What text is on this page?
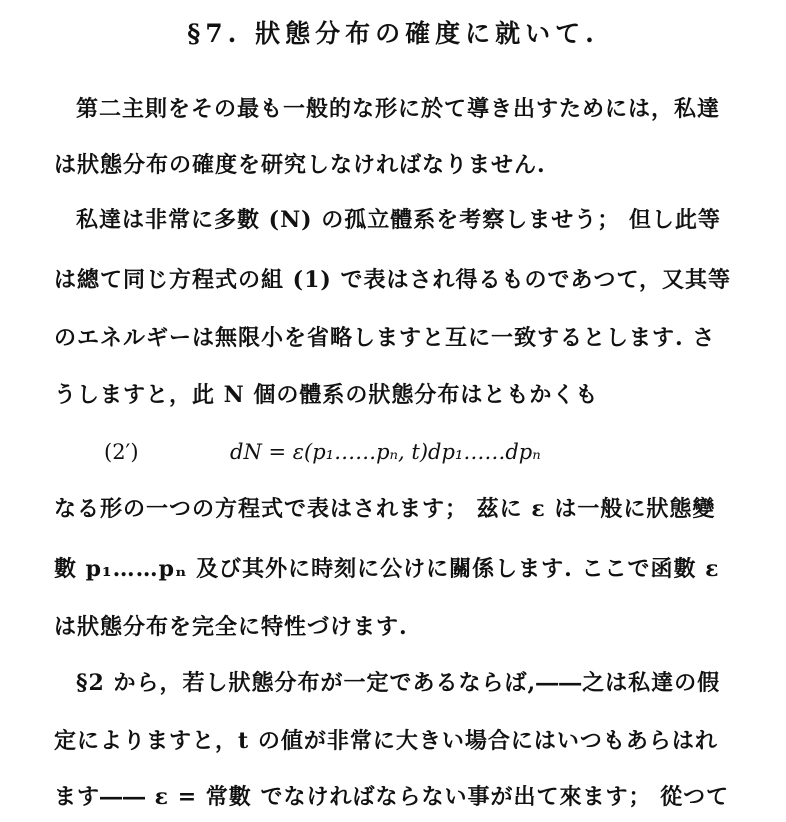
§7. 狀態分布の確度に就いて.
第二主則をその最も一般的な形に於て導き出すためには，私達
は狀態分布の確度を研究しなければなりません.
私達は非常に多數 (N) の孤立體系を考察しませう； 但し此等
は總て同じ方程式の組 (1) で表はされ得るものであつて，又其等
のエネルギーは無限小を省略しますと互に一致するとします. さ
うしますと，此 N 個の體系の狀態分布はともかくも
(2′)	dN = ε(p₁……pₙ, t)dp₁……dpₙ
なる形の一つの方程式で表はされます； 茲に ε は一般に狀態變
數 p₁……pₙ 及び其外に時刻に公けに關係します. ここで函數 ε
は狀態分布を完全に特性づけます.
§2 から，若し狀態分布が一定であるならば,――之は私達の假
定によりますと，t の値が非常に大きい場合にはいつもあらはれ
ます―― ε = 常數 でなければならない事が出て來ます； 從つて
